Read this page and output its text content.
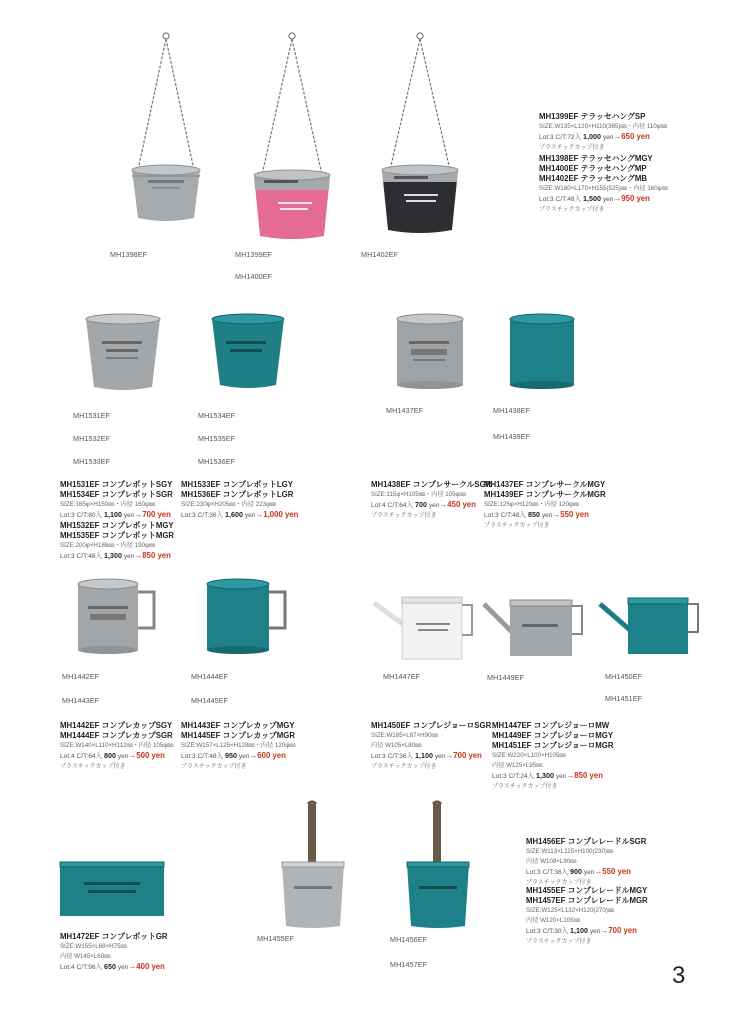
MH1398EF	MH1399EF
MH1400EF
MH1402EF
MH1399EF テラッセハングSP
SIZE:W135×L120×H110(365)㎜・内径 110φ㎜
Lot:3 C/T:72入 1,000 yen→650 yen
プラスチックカップ付き
MH1398EF テラッセハングMGY
MH1400EF テラッセハングMP
MH1402EF テラッセハングMB
SIZE:W180×L170×H155(525)㎜・内径 160φ㎜
Lot:3 C/T:48入 1,500 yen→950 yen
プラスチックカップ付き
MH1531EF
MH1532EF
MH1533EF
MH1534EF
MH1535EF
MH1536EF
MH1437EF	MH1438EF
MH1439EF
MH1531EF コンプレポットSGY
MH1534EF コンプレポットSGR
SIZE:165φ×H150㎜・内径 160φ㎜
Lot:3 C/T:80入 1,100 yen→700 yen
MH1532EF コンプレポットMGY
MH1535EF コンプレポットMGR
SIZE:200φ×H186㎜・内径 190φ㎜
Lot:3 C/T:48入 1,300 yen→850 yen
MH1533EF コンプレポットLGY
MH1536EF コンプレポットLGR
SIZE:230φ×H205㎜・内径 223φ㎜
Lot:3 C/T:36入 1,600 yen→1,000 yen
MH1438EF コンプレサークルSGR
SIZE:115φ×H105㎜・内径 105φ㎜
Lot:4 C/T:64入 700 yen→450 yen
プラスチックカップ付き
MH1437EF コンプレサークルMGY
MH1439EF コンプレサークルMGR
SIZE:125φ×H120㎜・内径 120φ㎜
Lot:3 C/T:48入 850 yen→550 yen
プラスチックカップ付き
MH1442EF
MH1443EF
MH1444EF
MH1445EF
MH1447EF	MH1449EF	MH1450EF
MH1451EF
MH1442EF コンプレカップSGY
MH1444EF コンプレカップSGR
SIZE:W140×L110×H112㎜・内径 105φ㎜
Lot:4 C/T:64入 800 yen→500 yen
プラスチックカップ付き
MH1443EF コンプレカップMGY
MH1445EF コンプレカップMGR
SIZE:W157×L125×H128㎜・内径 120φ㎜
Lot:3 C/T:48入 950 yen→600 yen
プラスチックカップ付き
MH1450EF コンプレジョーロSGR
SIZE:W185×L87×H90㎜
内径 W105×L80㎜
Lot:3 C/T:36入 1,100 yen→700 yen
プラスチックカップ付き
MH1447EF コンプレジョーロMW
MH1449EF コンプレジョーロMGY
MH1451EF コンプレジョーロMGR
SIZE:W220×L100×H105㎜
内径 W125×L95㎜
Lot:3 C/T:24入 1,300 yen→850 yen
プラスチックカップ付き
MH1455EF	MH1456EF
MH1457EF
MH1472EF コンプレポットGR
SIZE:W155×L68×H75㎜
内径 W145×L60㎜
Lot:4 C/T:96入 650 yen→400 yen
MH1456EF コンプレレードルSGR
SIZE:W113×L115×H100(230)㎜
内径 W108×L90㎜
Lot:3 C/T:36入 900 yen→550 yen
プラスチックカップ付き
MH1455EF コンプレレードルMGY
MH1457EF コンプレレードルMGR
SIZE:W125×L132×H120(270)㎜
内径 W120×L105㎜
Lot:3 C/T:30入 1,100 yen→700 yen
プラスチックカップ付き
3
